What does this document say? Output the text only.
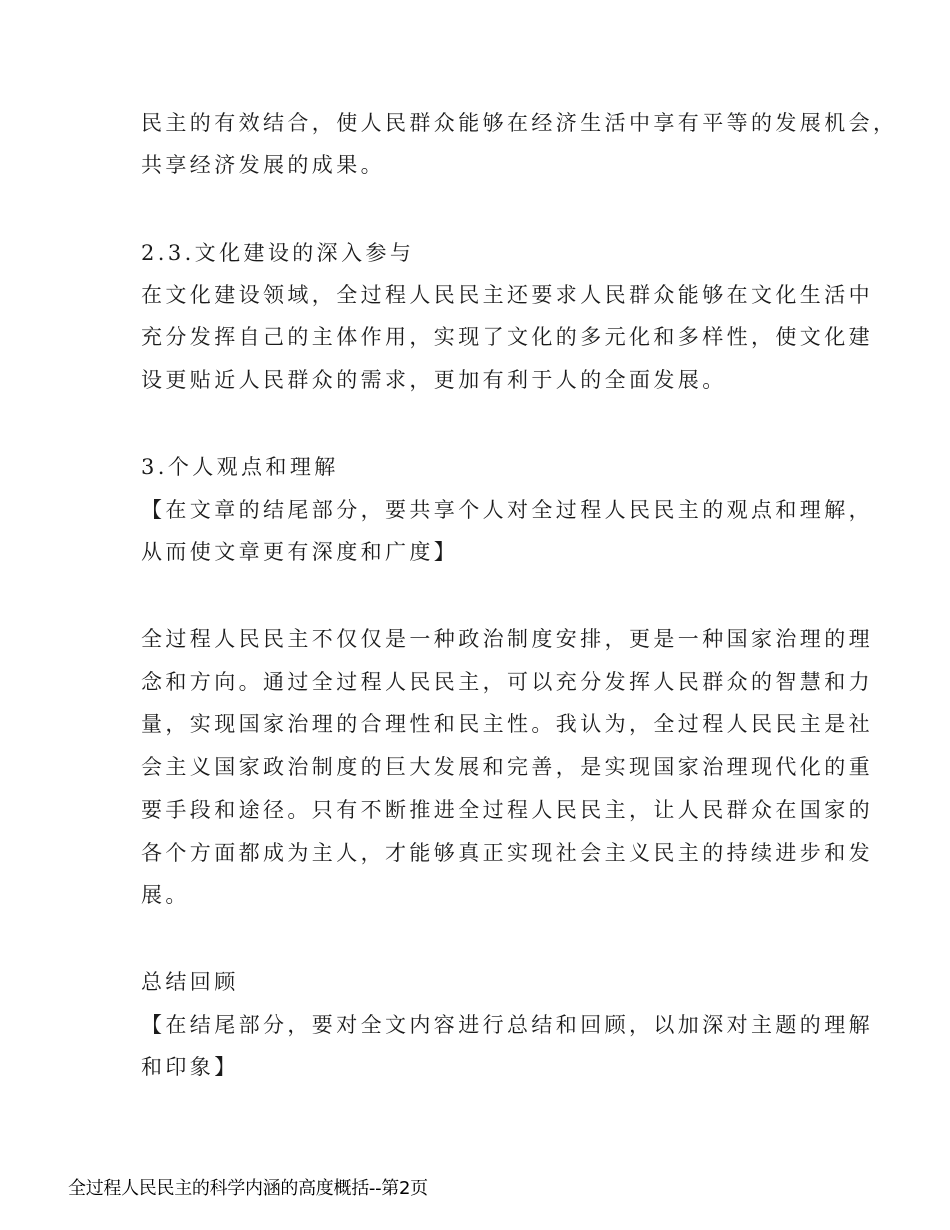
民主的有效结合，使人民群众能够在经济生活中享有平等的发展机会，
共享经济发展的成果。
2.3.文化建设的深入参与
在文化建设领域，全过程人民民主还要求人民群众能够在文化生活中
充分发挥自己的主体作用，实现了文化的多元化和多样性，使文化建
设更贴近人民群众的需求，更加有利于人的全面发展。
3.个人观点和理解
【在文章的结尾部分，要共享个人对全过程人民民主的观点和理解，
从而使文章更有深度和广度】
全过程人民民主不仅仅是一种政治制度安排，更是一种国家治理的理
念和方向。通过全过程人民民主，可以充分发挥人民群众的智慧和力
量，实现国家治理的合理性和民主性。我认为，全过程人民民主是社
会主义国家政治制度的巨大发展和完善，是实现国家治理现代化的重
要手段和途径。只有不断推进全过程人民民主，让人民群众在国家的
各个方面都成为主人，才能够真正实现社会主义民主的持续进步和发
展。
总结回顾
【在结尾部分，要对全文内容进行总结和回顾，以加深对主题的理解
和印象】
全过程人民民主的科学内涵的高度概括--第2页
